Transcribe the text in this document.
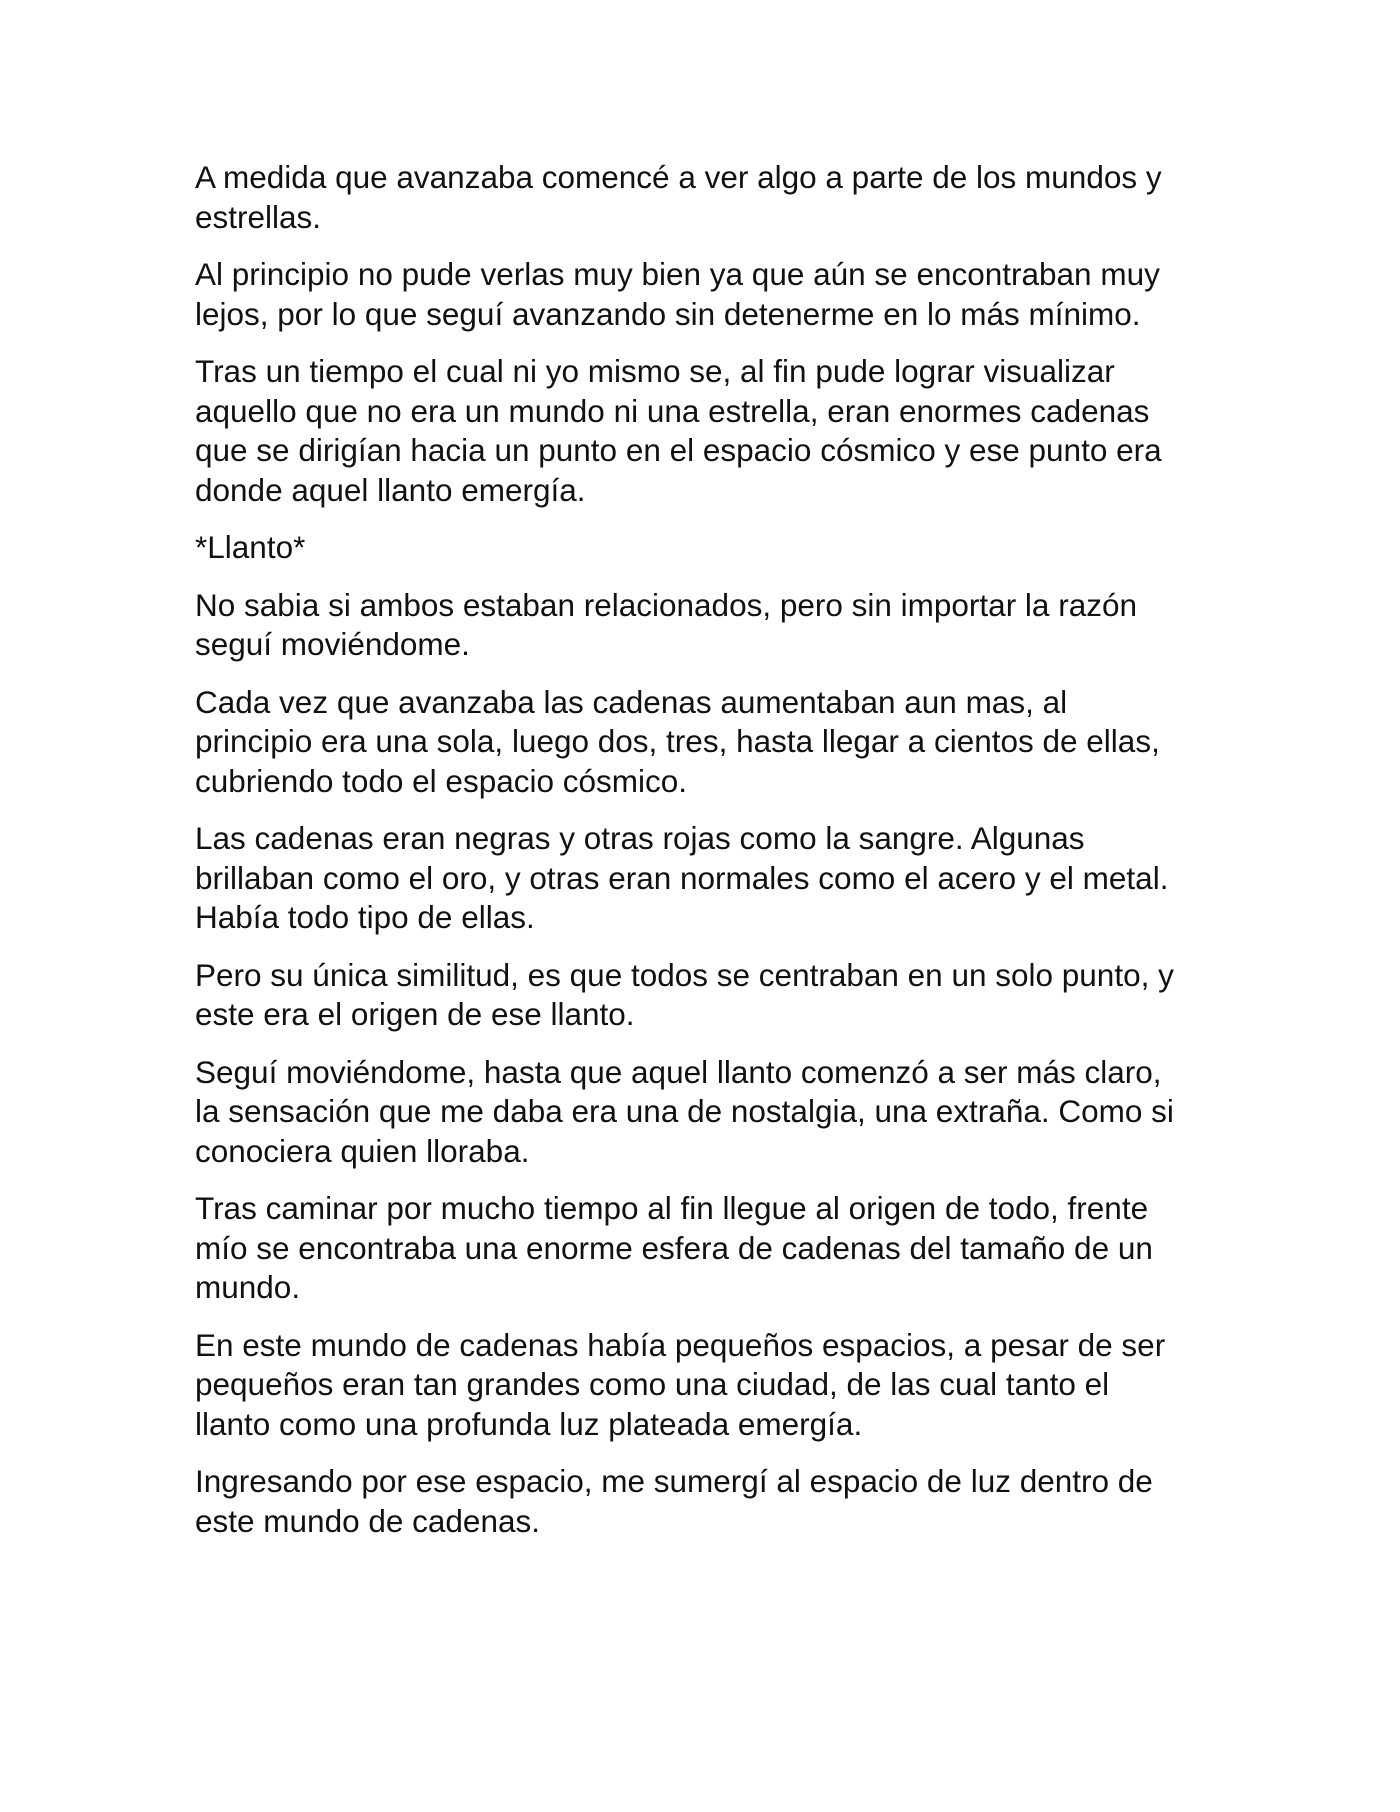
A medida que avanzaba comencé a ver algo a parte de los mundos y
estrellas.

Al principio no pude verlas muy bien ya que aún se encontraban muy
lejos, por lo que seguí avanzando sin detenerme en lo más mínimo.

Tras un tiempo el cual ni yo mismo se, al fin pude lograr visualizar
aquello que no era un mundo ni una estrella, eran enormes cadenas
que se dirigían hacia un punto en el espacio cósmico y ese punto era
donde aquel llanto emergía.

*Llanto*

No sabia si ambos estaban relacionados, pero sin importar la razón
seguí moviéndome.

Cada vez que avanzaba las cadenas aumentaban aun mas, al
principio era una sola, luego dos, tres, hasta llegar a cientos de ellas,
cubriendo todo el espacio cósmico.

Las cadenas eran negras y otras rojas como la sangre. Algunas
brillaban como el oro, y otras eran normales como el acero y el metal.
Había todo tipo de ellas.

Pero su única similitud, es que todos se centraban en un solo punto, y
este era el origen de ese llanto.

Seguí moviéndome, hasta que aquel llanto comenzó a ser más claro,
la sensación que me daba era una de nostalgia, una extraña. Como si
conociera quien lloraba.

Tras caminar por mucho tiempo al fin llegue al origen de todo, frente
mío se encontraba una enorme esfera de cadenas del tamaño de un
mundo.

En este mundo de cadenas había pequeños espacios, a pesar de ser
pequeños eran tan grandes como una ciudad, de las cual tanto el
llanto como una profunda luz plateada emergía.

Ingresando por ese espacio, me sumergí al espacio de luz dentro de
este mundo de cadenas.
